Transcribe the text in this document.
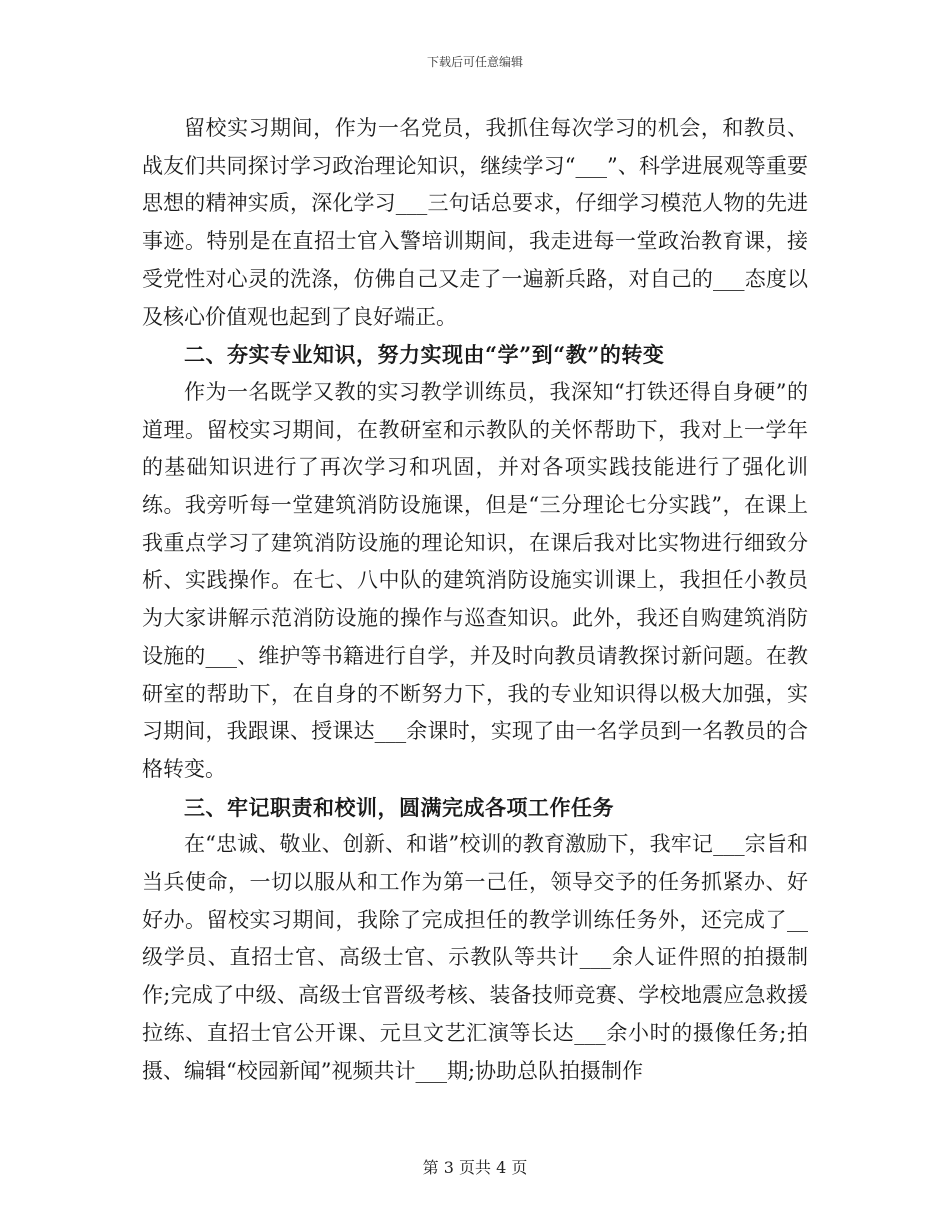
下载后可任意编辑

留校实习期间，作为一名党员，我抓住每次学习的机会，和教员、战友们共同探讨学习政治理论知识，继续学习“___”、科学进展观等重要思想的精神实质，深化学习___三句话总要求，仔细学习模范人物的先进事迹。特别是在直招士官入警培训期间，我走进每一堂政治教育课，接受党性对心灵的洗涤，仿佛自己又走了一遍新兵路，对自己的___态度以及核心价值观也起到了良好端正。

二、夯实专业知识，努力实现由“学”到“教”的转变

作为一名既学又教的实习教学训练员，我深知“打铁还得自身硬”的道理。留校实习期间，在教研室和示教队的关怀帮助下，我对上一学年的基础知识进行了再次学习和巩固，并对各项实践技能进行了强化训练。我旁听每一堂建筑消防设施课，但是“三分理论七分实践”，在课上我重点学习了建筑消防设施的理论知识，在课后我对比实物进行细致分析、实践操作。在七、八中队的建筑消防设施实训课上，我担任小教员为大家讲解示范消防设施的操作与巡查知识。此外，我还自购建筑消防设施的___、维护等书籍进行自学，并及时向教员请教探讨新问题。在教研室的帮助下，在自身的不断努力下，我的专业知识得以极大加强，实习期间，我跟课、授课达___余课时，实现了由一名学员到一名教员的合格转变。

三、牢记职责和校训，圆满完成各项工作任务

在“忠诚、敬业、创新、和谐”校训的教育激励下，我牢记___宗旨和当兵使命，一切以服从和工作为第一己任，领导交予的任务抓紧办、好好办。留校实习期间，我除了完成担任的教学训练任务外，还完成了__级学员、直招士官、高级士官、示教队等共计___余人证件照的拍摄制作;完成了中级、高级士官晋级考核、装备技师竞赛、学校地震应急救援拉练、直招士官公开课、元旦文艺汇演等长达___余小时的摄像任务;拍摄、编辑“校园新闻”视频共计___期;协助总队拍摄制作

第 3 页共 4 页
